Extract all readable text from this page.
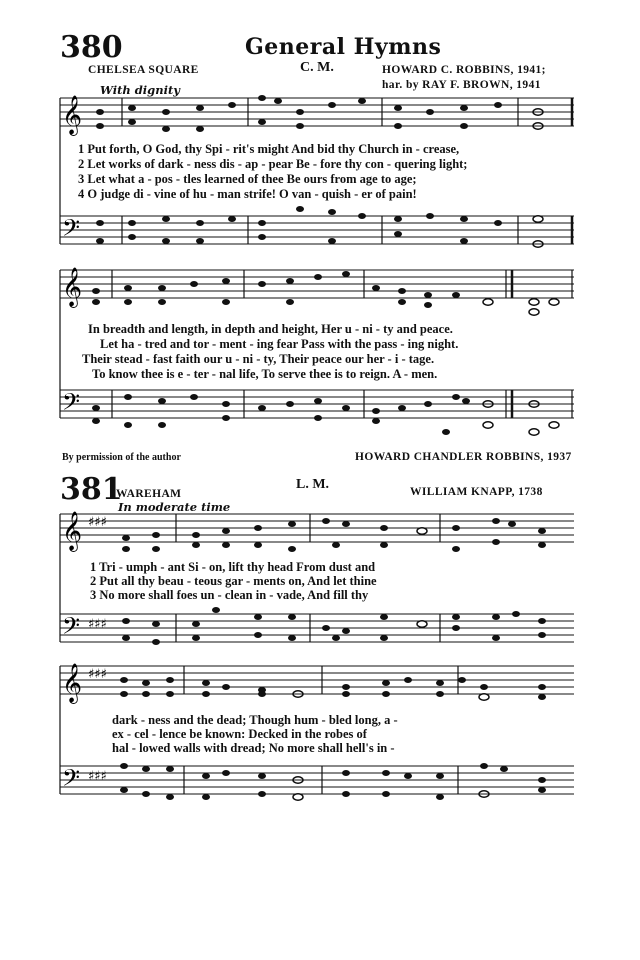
380	General Hymns
CHELSEA SQUARE	C. M.	HOWARD C. ROBBINS, 1941;
har. by RAY F. BROWN, 1941
With dignity
𝄞
𝄢
𝄞
𝄢
𝄞 ♯♯♯
𝄢 ♯♯♯
𝄞 ♯♯♯
𝄢 ♯♯♯
1 Put forth, O God, thy Spi - rit's might And bid thy Church in - crease,
2 Let works of dark - ness dis - ap - pear Be - fore thy con - quering light;
3 Let what a - pos - tles learned of thee Be ours from age to age;
4 O judge di - vine of hu - man strife! O van - quish - er of pain!
In breadth and length, in depth and height, Her u - ni - ty and peace.
Let ha - tred and tor - ment - ing fear Pass with the pass - ing night.
Their stead - fast faith our u - ni - ty, Their peace our her - i - tage.
To know thee is e - ter - nal life, To serve thee is to reign. A - men.
By permission of the author	HOWARD CHANDLER ROBBINS, 1937
381
WAREHAM
L. M.	WILLIAM KNAPP, 1738
In moderate time
1 Tri - umph - ant Si - on, lift thy head From dust and
2 Put all thy beau - teous gar - ments on, And let thine
3 No more shall foes un - clean in - vade, And fill thy
dark - ness and the dead; Though hum - bled long, a -
ex - cel - lence be known: Decked in the robes of
hal - lowed walls with dread; No more shall hell's in -
